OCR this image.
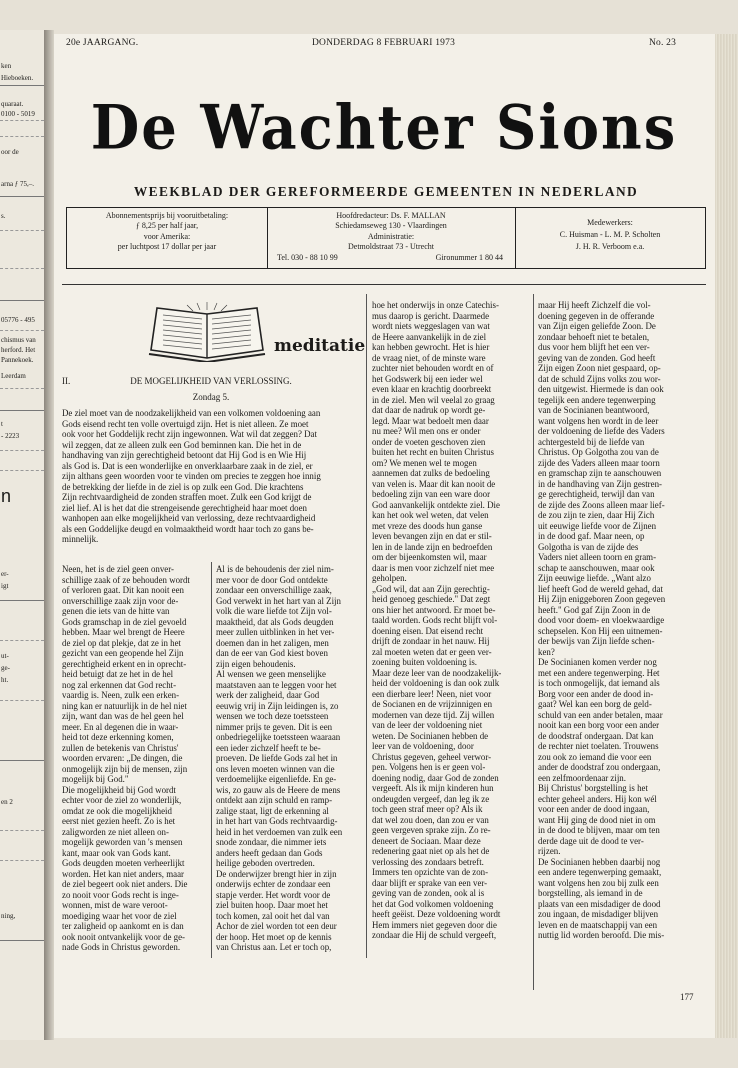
ken
Hieboeken.
quaraat.
0100 - 5019
oor de
arna ƒ 75,–.
s.
05776 - 495
chismus van
herford. Het
Pannekoek.
Leerdam
t
- 2223
n
er-
igt
ut-
ge-
ht.
en 2
ning,
20e JAARGANG.	DONDERDAG 8 FEBRUARI 1973	No. 23
De Wachter Sions
WEEKBLAD DER GEREFORMEERDE GEMEENTEN IN NEDERLAND
Abonnementsprijs bij vooruitbetaling:
ƒ 8,25 per half jaar,
voor Amerika:
per luchtpost 17 dollar per jaar
Hoofdredacteur: Ds. F. MALLAN
Schiedamseweg 130 - Vlaardingen
Administratie:
Detmoldstraat 73 - Utrecht
Tel. 030 - 88 10 99	Gironummer 1 80 44
Medewerkers:
C. Huisman - L. M. P. Scholten
J. H. R. Verboom e.a.
meditatie
II.	DE MOGELIJKHEID VAN VERLOSSING.
Zondag 5.
De ziel moet van de noodzakelijkheid van een volkomen voldoening aan
Gods eisend recht ten volle overtuigd zijn. Het is niet alleen. Ze moet
ook voor het Goddelijk recht zijn ingewonnen. Wat wil dat zeggen? Dat
wil zeggen, dat ze alleen zulk een God beminnen kan. Die het in de
handhaving van zijn gerechtigheid betoont dat Hij God is en Wie Hij
als God is. Dat is een wonderlijke en onverklaarbare zaak in de ziel, er
zijn althans geen woorden voor te vinden om precies te zeggen hoe innig
de betrekking der liefde in de ziel is op zulk een God. Die krachtens
Zijn rechtvaardigheid de zonden straffen moet. Zulk een God krijgt de
ziel lief. Al is het dat die strengeisende gerechtigheid haar moet doen
wanhopen aan elke mogelijkheid van verlossing, deze rechtvaardigheid
als een Goddelijke deugd en volmaaktheid wordt haar toch zo gans be-
minnelijk.
Neen, het is de ziel geen onver-
schillige zaak of ze behouden wordt
of verloren gaat. Dit kan nooit een
onverschillige zaak zijn voor de-
genen die iets van de hitte van
Gods gramschap in de ziel gevoeld
hebben. Maar wel brengt de Heere
de ziel op dat plekje, dat ze in het
gezicht van een geopende hel Zijn
gerechtigheid erkent en in oprecht-
heid betuigt dat ze het in de hel
nog zal erkennen dat God recht-
vaardig is. Neen, zulk een erken-
ning kan er natuurlijk in de hel niet
zijn, want dan was de hel geen hel
meer. En al degenen die in waar-
heid tot deze erkenning komen,
zullen de betekenis van Christus'
woorden ervaren: „De dingen, die
onmogelijk zijn bij de mensen, zijn
mogelijk bij God."
Die mogelijkheid bij God wordt
echter voor de ziel zo wonderlijk,
omdat ze ook die mogelijkheid
eerst niet gezien heeft. Zo is het
zaligworden ze niet alleen on-
mogelijk geworden van 's mensen
kant, maar ook van Gods kant.
Gods deugden moeten verheerlijkt
worden. Het kan niet anders, maar
de ziel begeert ook niet anders. Die
zo nooit voor Gods recht is inge-
wonnen, mist de ware veroot-
moediging waar het voor de ziel
ter zaligheid op aankomt en is dan
ook nooit ontvankelijk voor de ge-
nade Gods in Christus geworden.
Al is de behoudenis der ziel nim-
mer voor de door God ontdekte
zondaar een onverschillige zaak,
God verwekt in het hart van al Zijn
volk die ware liefde tot Zijn vol-
maaktheid, dat als Gods deugden
meer zullen uitblinken in het ver-
doemen dan in het zaligen, men
dan de eer van God kiest boven
zijn eigen behoudenis.
Al wensen we geen menselijke
maatstaven aan te leggen voor het
werk der zaligheid, daar God
eeuwig vrij in Zijn leidingen is, zo
wensen we toch deze toetssteen
nimmer prijs te geven. Dit is een
onbedriegelijke toetssteen waaraan
een ieder zichzelf heeft te be-
proeven. De liefde Gods zal het in
ons leven moeten winnen van die
verdoemelijke eigenliefde. En ge-
wis, zo gauw als de Heere de mens
ontdekt aan zijn schuld en ramp-
zalige staat, ligt de erkenning al
in het hart van Gods rechtvaardig-
heid in het verdoemen van zulk een
snode zondaar, die nimmer iets
anders heeft gedaan dan Gods
heilige geboden overtreden.
De onderwijzer brengt hier in zijn
onderwijs echter de zondaar een
stapje verder. Het wordt voor de
ziel buiten hoop. Daar moet het
toch komen, zal ooit het dal van
Achor de ziel worden tot een deur
der hoop. Het moet op de kennis
van Christus aan. Let er toch op,
hoe het onderwijs in onze Catechis-
mus daarop is gericht. Daarmede
wordt niets weggeslagen van wat
de Heere aanvankelijk in de ziel
kan hebben gewrocht. Het is hier
de vraag niet, of de minste ware
zuchter niet behouden wordt en of
het Godswerk bij een ieder wel
even klaar en krachtig doorbreekt
in de ziel. Men wil veelal zo graag
dat daar de nadruk op wordt ge-
legd. Maar wat bedoelt men daar
nu mee? Wil men ons er onder
onder de voeten geschoven zien
buiten het recht en buiten Christus
om? We menen wel te mogen
aannemen dat zulks de bedoeling
van velen is. Maar dit kan nooit de
bedoeling zijn van een ware door
God aanvankelijk ontdekte ziel. Die
kan het ook wel weten, dat velen
met vreze des doods hun ganse
leven bevangen zijn en dat er stil-
len in de lande zijn en bedroefden
om der bijeenkomsten wil, maar
daar is men voor zichzelf niet mee
geholpen.
„God wil, dat aan Zijn gerechtig-
heid genoeg geschiede." Dat zegt
ons hier het antwoord. Er moet be-
taald worden. Gods recht blijft vol-
doening eisen. Dat eisend recht
drijft de zondaar in het nauw. Hij
zal moeten weten dat er geen ver-
zoening buiten voldoening is.
Maar deze leer van de noodzakelijk-
heid der voldoening is dan ook zulk
een dierbare leer! Neen, niet voor
de Socianen en de vrijzinnigen en
modernen van deze tijd. Zij willen
van de leer der voldoening niet
weten. De Socinianen hebben de
leer van de voldoening, door
Christus gegeven, geheel verwor-
pen. Volgens hen is er geen vol-
doening nodig, daar God de zonden
vergeeft. Als ik mijn kinderen hun
ondeugden vergeef, dan leg ik ze
toch geen straf meer op? Als ik
dat wel zou doen, dan zou er van
geen vergeven sprake zijn. Zo re-
deneert de Sociaan. Maar deze
redenering gaat niet op als het de
verlossing des zondaars betreft.
Immers ten opzichte van de zon-
daar blijft er sprake van een ver-
geving van de zonden, ook al is
het dat God volkomen voldoening
heeft geëist. Deze voldoening wordt
Hem immers niet gegeven door die
zondaar die Hij de schuld vergeeft,
maar Hij heeft Zichzelf die vol-
doening gegeven in de offerande
van Zijn eigen geliefde Zoon. De
zondaar behoeft niet te betalen,
dus voor hem blijft het een ver-
geving van de zonden. God heeft
Zijn eigen Zoon niet gespaard, op-
dat de schuld Zijns volks zou wor-
den uitgewist. Hiermede is dan ook
tegelijk een andere tegenwerping
van de Socinianen beantwoord,
want volgens hen wordt in de leer
der voldoening de liefde des Vaders
achtergesteld bij de liefde van
Christus. Op Golgotha zou van de
zijde des Vaders alleen maar toorn
en gramschap zijn te aanschouwen
in de handhaving van Zijn gestren-
ge gerechtigheid, terwijl dan van
de zijde des Zoons alleen maar lief-
de zou zijn te zien, daar Hij Zich
uit eeuwige liefde voor de Zijnen
in de dood gaf. Maar neen, op
Golgotha is van de zijde des
Vaders niet alleen toorn en gram-
schap te aanschouwen, maar ook
Zijn eeuwige liefde. „Want alzo
lief heeft God de wereld gehad, dat
Hij Zijn eniggeboren Zoon gegeven
heeft." God gaf Zijn Zoon in de
dood voor doem- en vloekwaardige
schepselen. Kon Hij een uitnemen-
der bewijs van Zijn liefde schen-
ken?
De Socinianen komen verder nog
met een andere tegenwerping. Het
is toch onmogelijk, dat iemand als
Borg voor een ander de dood in-
gaat? Wel kan een borg de geld-
schuld van een ander betalen, maar
nooit kan een borg voor een ander
de doodstraf ondergaan. Dat kan
de rechter niet toelaten. Trouwens
zou ook zo iemand die voor een
ander de doodstraf zou ondergaan,
een zelfmoordenaar zijn.
Bij Christus' borgstelling is het
echter geheel anders. Hij kon wél
voor een ander de dood ingaan,
want Hij ging de dood niet in om
in de dood te blijven, maar om ten
derde dage uit de dood te ver-
rijzen.
De Socinianen hebben daarbij nog
een andere tegenwerping gemaakt,
want volgens hen zou bij zulk een
borgstelling, als iemand in de
plaats van een misdadiger de dood
zou ingaan, de misdadiger blijven
leven en de maatschappij van een
nuttig lid worden beroofd. Die mis-
177
